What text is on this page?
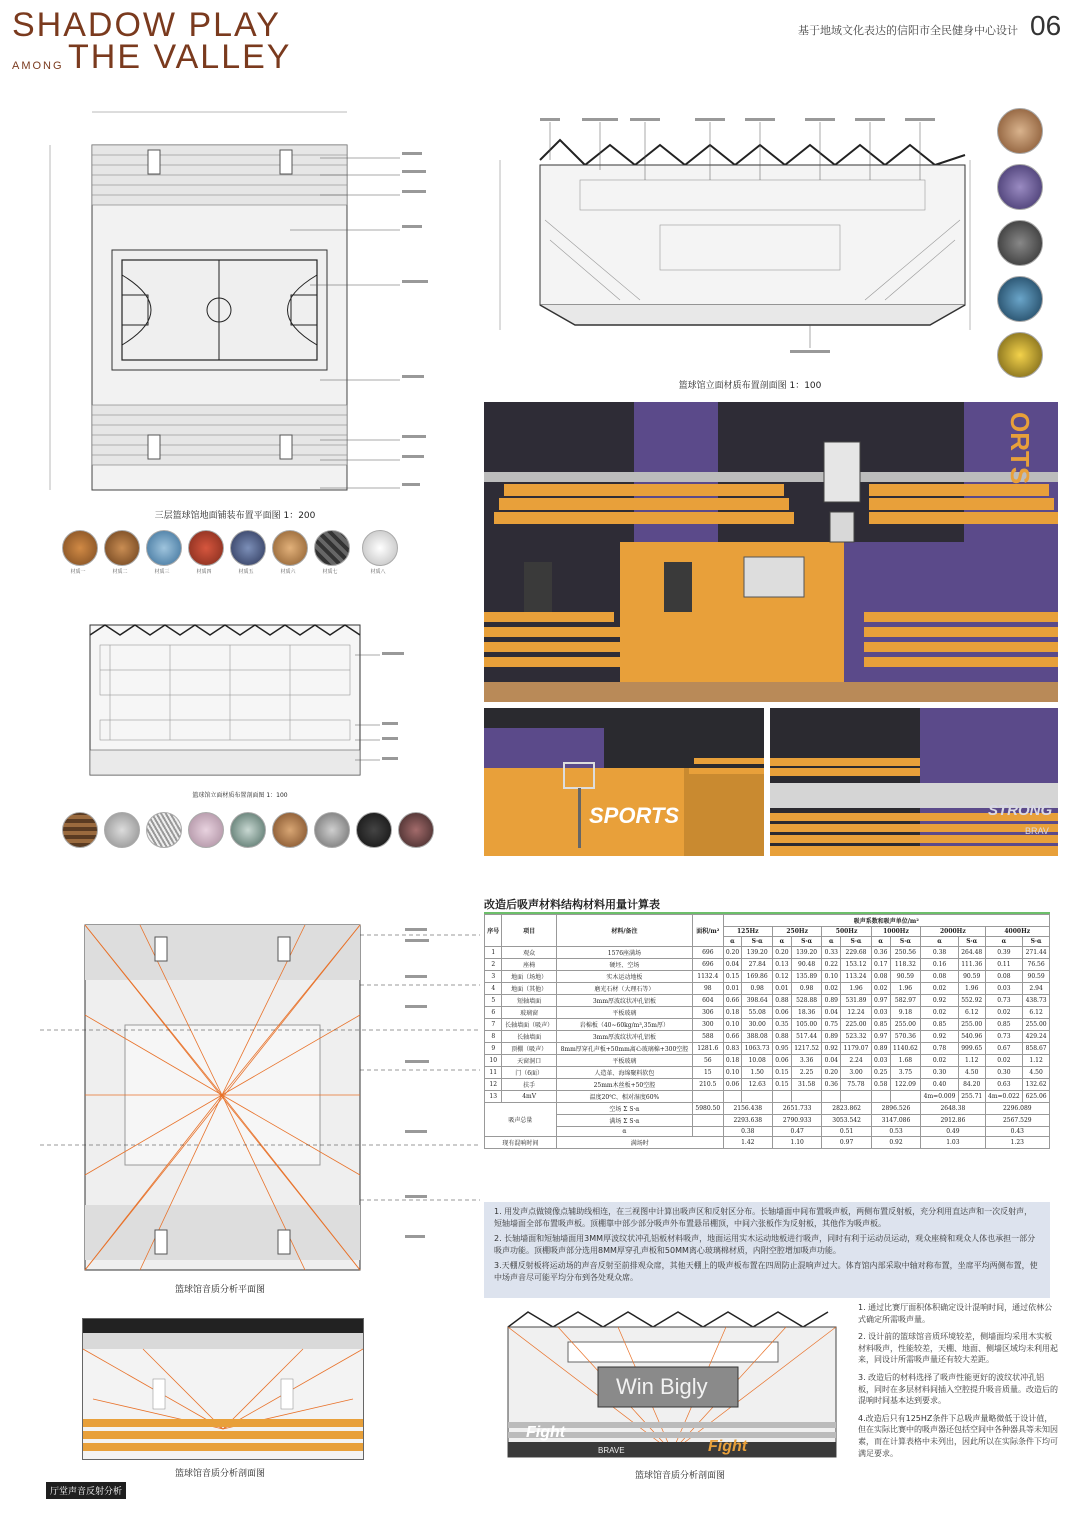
SHADOW PLAY
AMONG THE VALLEY
基于地域文化表达的信阳市全民健身中心设计 06
三层篮球馆地面铺装布置平面图 1：200
材质一	材质二	材质三	材质四	材质五	材质六	材质七	材质八
篮球馆立面材质布置剖面图 1：100
篮球馆立面材质布置剖面图 1：100
ORTS
SPORTS	STRONG
BRAV
篮球馆音质分析平面图
篮球馆音质分析剖面图
厅堂声音反射分析
Win Bigly
Fight
BRAVE	Fight
篮球馆音质分析剖面图
改造后吸声材料结构材料用量计算表
序号	项目	材料/备注	面积/m²	吸声系数和吸声单位/m²											
				125Hz		250Hz		500Hz		1000Hz		2000Hz		4000Hz	
				α	S·α	α	S·α	α	S·α	α	S·α	α	S·α	α	S·α
1	观众	1576座满场	696	0.20	139.20	0.20	139.20	0.33	229.68	0.36	250.56	0.38	264.48	0.39	271.44
2	座椅	硬坯、空场	696	0.04	27.84	0.13	90.48	0.22	153.12	0.17	118.32	0.16	111.36	0.11	76.56
3	地面（场地）	实木运动地板	1132.4	0.15	169.86	0.12	135.89	0.10	113.24	0.08	90.59	0.08	90.59	0.08	90.59
4	地面（其他）	磨光石材（大理石等）	98	0.01	0.98	0.01	0.98	0.02	1.96	0.02	1.96	0.02	1.96	0.03	2.94
5	短轴墙面	3mm厚波纹状冲孔铝板	604	0.66	398.64	0.88	528.88	0.89	531.89	0.97	582.97	0.92	552.92	0.73	438.73
6	玻璃窗	平板玻璃	306	0.18	55.08	0.06	18.36	0.04	12.24	0.03	9.18	0.02	6.12	0.02	6.12
7	长轴墙面（吸声）	岩棉板（40~60kg/m³,35m厚）	300	0.10	30.00	0.35	105.00	0.75	225.00	0.85	255.00	0.85	255.00	0.85	255.00
8	长轴墙面	3mm厚波纹状冲孔铝板	588	0.66	388.08	0.88	517.44	0.89	523.32	0.97	570.36	0.92	540.96	0.73	429.24
9	顶棚（吸声）	8mm厚穿孔声板+50mm离心玻璃棉+300空腔	1281.6	0.83	1063.73	0.95	1217.52	0.92	1179.07	0.89	1140.62	0.78	999.65	0.67	858.67
10	天窗洞口	平板玻璃	56	0.18	10.08	0.06	3.36	0.04	2.24	0.03	1.68	0.02	1.12	0.02	1.12
11	门（6面）	人造革、海绵聚料软包	15	0.10	1.50	0.15	2.25	0.20	3.00	0.25	3.75	0.30	4.50	0.30	4.50
12	扶手	25mm木丝板+50空腔	210.5	0.06	12.63	0.15	31.58	0.36	75.78	0.58	122.09	0.40	84.20	0.63	132.62
13	4mV	温度20℃、相对湿度60%										4m=0.009	255.71	4m=0.022	625.06
吸声总量		空场 Σ S·α	5980.50	2156.438		2651.733		2823.862		2896.526		2648.38		2296.089	
		满场 Σ S·α		2293.638		2790.933		3053.542		3147.086		2912.86		2567.529	
		α		0.38		0.47		0.51		0.53		0.49		0.43	
现有混响时间		满场时		1.42		1.10		0.97		0.92		1.03		1.23	
1. 用发声点做镜像点辅助线相连，在三视图中计算出吸声区和反射区分布。长轴墙面中间布置吸声板，两侧布置反射板，充分利用直达声和一次反射声，短轴墙面全部布置吸声板。顶棚靠中部少部分吸声外布置悬吊棚顶，中间六张板作为反射板，其他作为吸声板。
2. 长轴墙面和短轴墙面用3MM厚波纹状冲孔铝板材料吸声，地面运用实木运动地板进行吸声，同时有利于运动员运动，观众座椅和观众人体也承担一部分吸声功能。顶棚吸声部分选用8MM厚穿孔声板和50MM离心玻璃棉材质，内附空腔增加吸声功能。
3.天棚反射板将运动场的声音反射至前排观众席，其他天棚上的吸声板布置在四周防止混响声过大。体育馆内部采取中轴对称布置，坐席平均两侧布置，使中场声音尽可能平均分布到各处观众席。
1. 通过比赛厅面积体积确定设计混响时间，通过依林公式确定所需吸声量。
2. 设计前的篮球馆音质环境较差，侧墙面均采用木实板材料吸声，性能较差，天棚、地面、侧墙区域均未利用起来，同设计所需吸声量还有较大差距。
3. 改造后的材料选择了吸声性能更好的波纹状冲孔铝板，同时在多层材料间插入空腔提升吸音质量。改造后的混响时间基本达到要求。
4.改造后只有125HZ条件下总吸声量略微低于设计值，但在实际比赛中的吸声器还包括空间中各种器具等未知因素，而在计算表格中未列出，因此所以在实际条件下均可满足要求。
